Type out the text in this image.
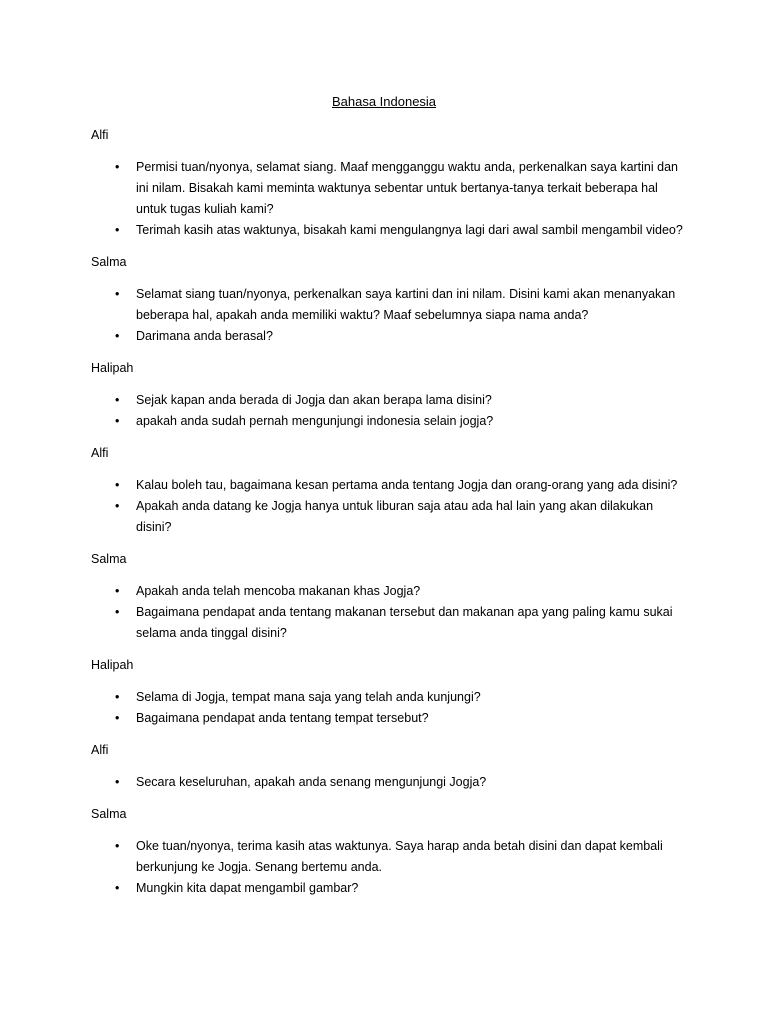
Bahasa Indonesia
Alfi
•	Permisi tuan/nyonya, selamat siang. Maaf mengganggu waktu anda, perkenalkan saya kartini dan ini nilam. Bisakah kami meminta waktunya sebentar untuk bertanya-tanya terkait beberapa hal untuk tugas kuliah kami?
•	Terimah kasih atas waktunya, bisakah kami mengulangnya lagi dari awal sambil mengambil video?
Salma
•	Selamat siang tuan/nyonya, perkenalkan saya kartini dan ini nilam. Disini kami akan menanyakan beberapa hal, apakah anda memiliki waktu? Maaf sebelumnya siapa nama anda?
•	Darimana anda berasal?
Halipah
•	Sejak kapan anda berada di Jogja dan akan berapa lama disini?
•	apakah anda sudah pernah mengunjungi indonesia selain jogja?
Alfi
•	Kalau boleh tau, bagaimana kesan pertama anda tentang Jogja dan orang-orang yang ada disini?
•	Apakah anda datang ke Jogja hanya untuk liburan saja atau ada hal lain yang akan dilakukan disini?
Salma
•	Apakah anda telah mencoba makanan khas Jogja?
•	Bagaimana pendapat anda tentang makanan tersebut dan makanan apa yang paling kamu sukai selama anda tinggal disini?
Halipah
•	Selama di Jogja, tempat mana saja yang telah anda kunjungi?
•	Bagaimana pendapat anda tentang tempat tersebut?
Alfi
•	Secara keseluruhan, apakah anda senang mengunjungi Jogja?
Salma
•	Oke tuan/nyonya, terima kasih atas waktunya. Saya harap anda betah disini dan dapat kembali berkunjung ke Jogja. Senang bertemu anda.
•	Mungkin kita dapat mengambil gambar?
